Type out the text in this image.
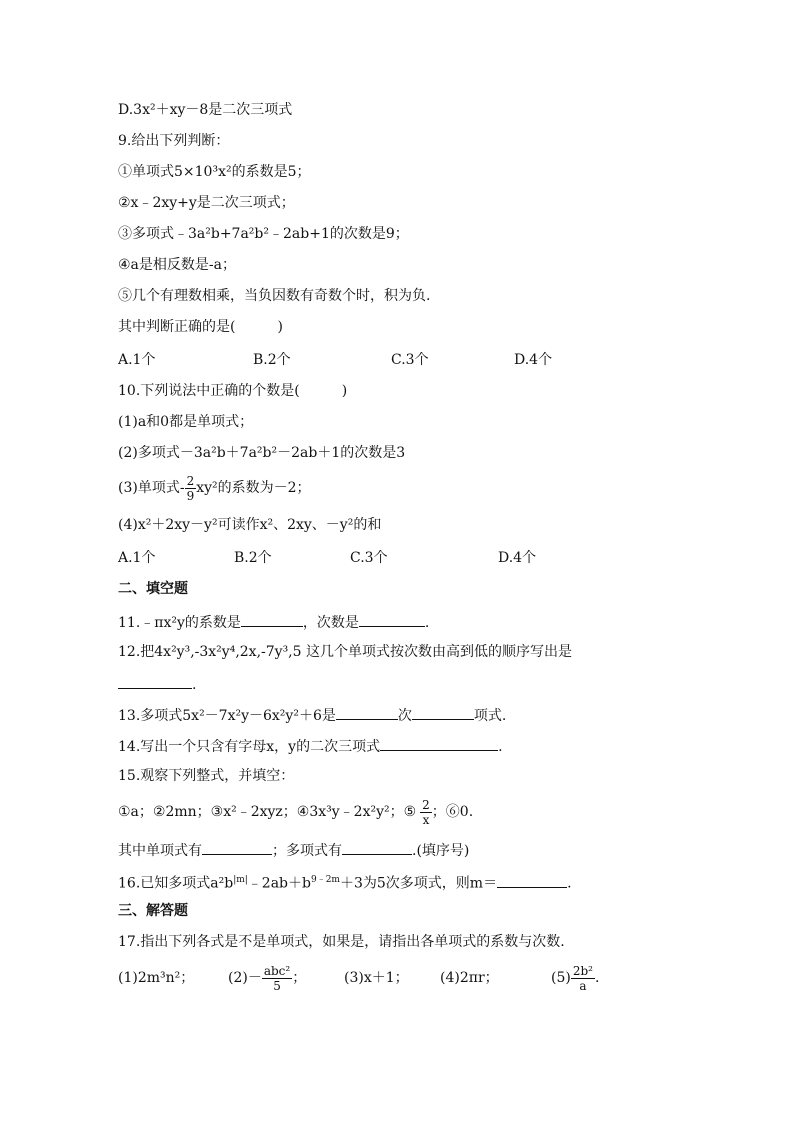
D.3x²＋xy－8是二次三项式
9.给出下列判断：
①单项式5×10³x²的系数是5；
②x﹣2xy+y是二次三项式；
③多项式﹣3a²b+7a²b²﹣2ab+1的次数是9；
④a是相反数是-a；
⑤几个有理数相乘，当负因数有奇数个时，积为负.
其中判断正确的是(　　　)
A.1个	B.2个	C.3个	D.4个
10.下列说法中正确的个数是(　　　)
(1)a和0都是单项式；
(2)多项式－3a²b＋7a²b²－2ab＋1的次数是3
(3)单项式- $\frac{2}{9} xy^2$的系数为－2；
(4)x²＋2xy－y²可读作x²、2xy、－y²的和
A.1个	B.2个	C.3个	D.4个
二、填空题
11.﹣πx²y的系数是	，次数是	.
12.把4x²y³,-3x²y⁴,2x,-7y³,5 这几个单项式按次数由高到低的顺序写出是
.
13.多项式5x²－7x²y－6x²y²＋6是	次	项式.
14.写出一个只含有字母x，y的二次三项式	.
15.观察下列整式，并填空：
①a；②2mn；③x²﹣2xyz；④3x³y﹣2x²y²；⑤ $\frac{2}{x}$ ；⑥0.
其中单项式有	；多项式有	.(填序号)
16.已知多项式$a^2b^{|m|}﹣2ab+b^{9﹣2m}+3$为5次多项式，则m＝	.
三、解答题
17.指出下列各式是不是单项式，如果是，请指出各单项式的系数与次数.
(1)2m³n²； $(2)- \frac{\text{abc²}}{5}$ ；	(3)x＋1； (4)2πr；	$(5) \frac{\text{2b²}}{a}$ .
